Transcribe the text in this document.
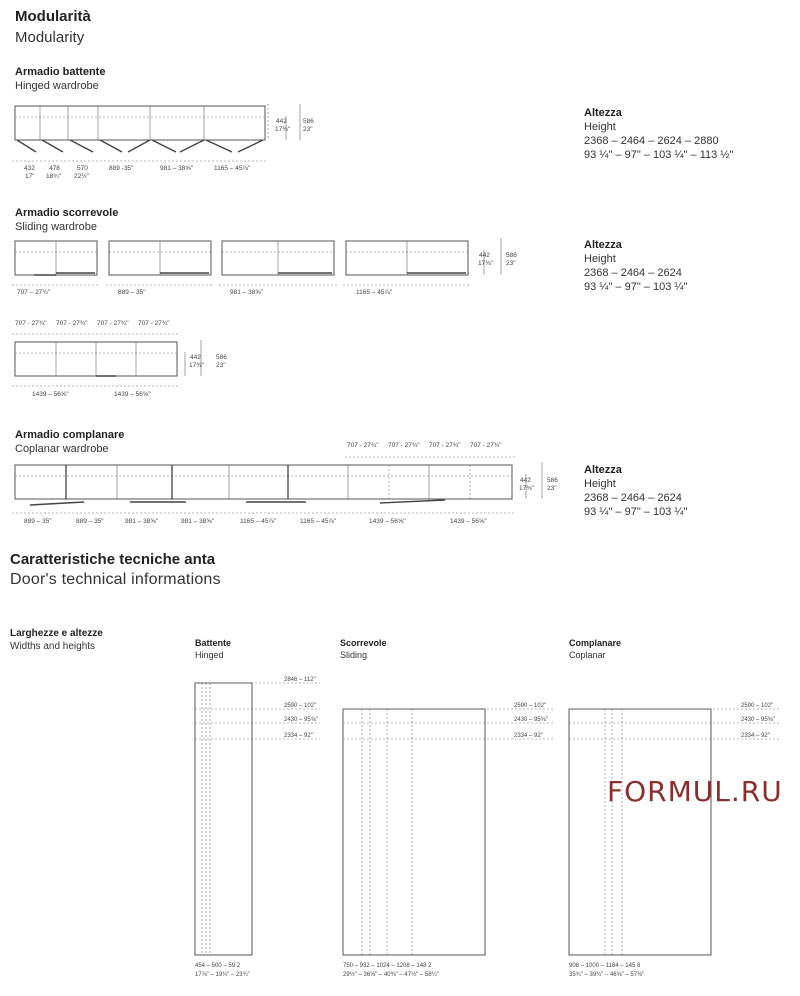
Modularità
Modularity
Armadio battente
Hinged wardrobe
442
17⅜"
586
23"
432
17"
478
18¾"
570
22½"
889 -35"	981 – 38⅝"	1165 – 45⅞"
Altezza
Height
2368 – 2464 – 2624 – 2880
93 ¼" – 97" – 103 ¼" – 113 ½"
Armadio scorrevole
Sliding wardrobe
707 – 27¾"	889 – 35"	981 – 38⅝"	1165 – 45⅞"
442
17⅜"
586
23"
Altezza
Height
2368 – 2464 – 2624
93 ¼" – 97" – 103 ¼"
707 - 27¾" 707 - 27¾" 707 - 27¾" 707 - 27¾"
442
17⅜"
586
23"
1439 – 56⅝"	1439 – 56⅝"
Armadio complanare
Coplanar wardrobe	707 - 27¾" 707 - 27¾" 707 - 27¾" 707 - 27¾"
442
17⅜"
586
23"
889 – 35"	889 – 35"	981 – 38⅝"	981 – 38⅝"	1165 – 45⅞"	1165 – 45⅞"	1439 – 56⅝"	1439 – 56⅝"
Altezza
Height
2368 – 2464 – 2624
93 ¼" – 97" – 103 ¼"
Caratteristiche tecniche anta
Door's technical informations
Larghezze e altezze
Widths and heights	Battente
Hinged
Scorrevole
Sliding
Complanare
Coplanar
2846 – 112"
2590 – 102"
2430 – 95⅝"
2334 – 92"
454 – 500 – 59 2
17⅞" – 19¾" – 23¾"
2590 – 102"
2430 – 95⅝"
2334 – 92"
750 – 932 – 1024 – 1208 – 148 2
29½" – 36⅝" – 40⅜" – 47½" – 58¼"
2590 – 102"
2430 – 95⅝"
2334 – 92"
908 – 1000 – 1184 – 145 8
35¾" – 39¾" – 46⅝" – 57⅜"
FORMUL.RU
